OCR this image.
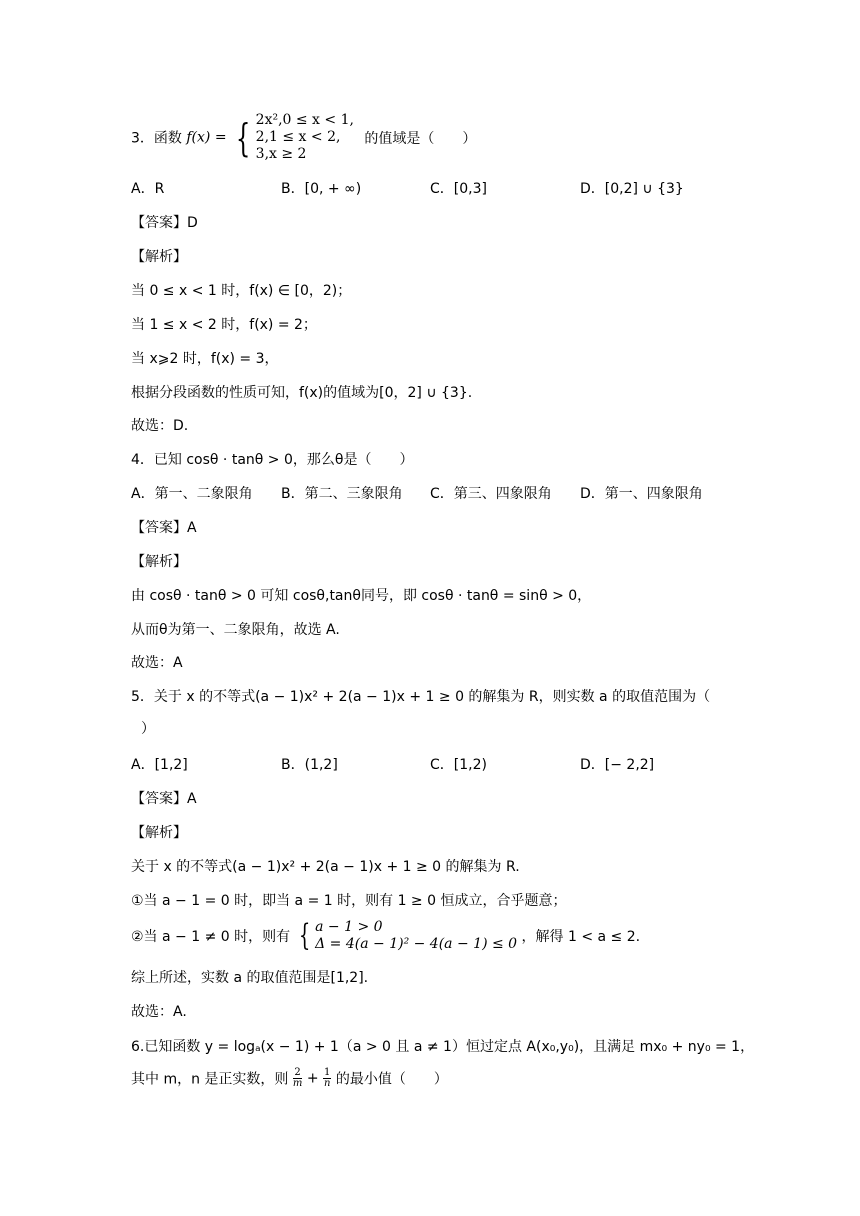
3．函数 f(x) = { 2x²,0 ≤ x < 1,
2,1 ≤ x < 2,
3,x ≥ 2
的值域是（　　）
A．R	B．[0, + ∞)	C．[0,3]	D．[0,2] ∪ {3}
【答案】D
【解析】
当 0 ≤ x < 1 时，f(x) ∈ [0，2)；
当 1 ≤ x < 2 时，f(x) = 2；
当 x⩾2 时，f(x) = 3，
根据分段函数的性质可知，f(x)的值域为[0，2] ∪ {3}.
故选：D.
4．已知 cosθ · tanθ > 0，那么θ是（　　）
A．第一、二象限角 B．第二、三象限角 C．第三、四象限角 D．第一、四象限角
【答案】A
【解析】
由 cosθ · tanθ > 0 可知 cosθ,tanθ同号，即 cosθ · tanθ = sinθ > 0，
从而θ为第一、二象限角，故选 A.
故选：A
5．关于 x 的不等式(a − 1)x² + 2(a − 1)x + 1 ≥ 0 的解集为 R，则实数 a 的取值范围为（
）
A．[1,2]	B．(1,2]	C．[1,2)	D．[− 2,2]
【答案】A
【解析】
关于 x 的不等式(a − 1)x² + 2(a − 1)x + 1 ≥ 0 的解集为 R.
①当 a − 1 = 0 时，即当 a = 1 时，则有 1 ≥ 0 恒成立，合乎题意；
②当 a − 1 ≠ 0 时，则有 { a − 1 > 0
Δ = 4(a − 1)² − 4(a − 1) ≤ 0 ，解得 1 < a ≤ 2.
综上所述，实数 a 的取值范围是[1,2].
故选：A.
6.已知函数 y = logₐ(x − 1) + 1（a > 0 且 a ≠ 1）恒过定点 A(x₀,y₀)，且满足 mx₀ + ny₀ = 1，
其中 m，n 是正实数，则 $\frac{2}{m} + \frac{1}{n}$ 的最小值（　　）
